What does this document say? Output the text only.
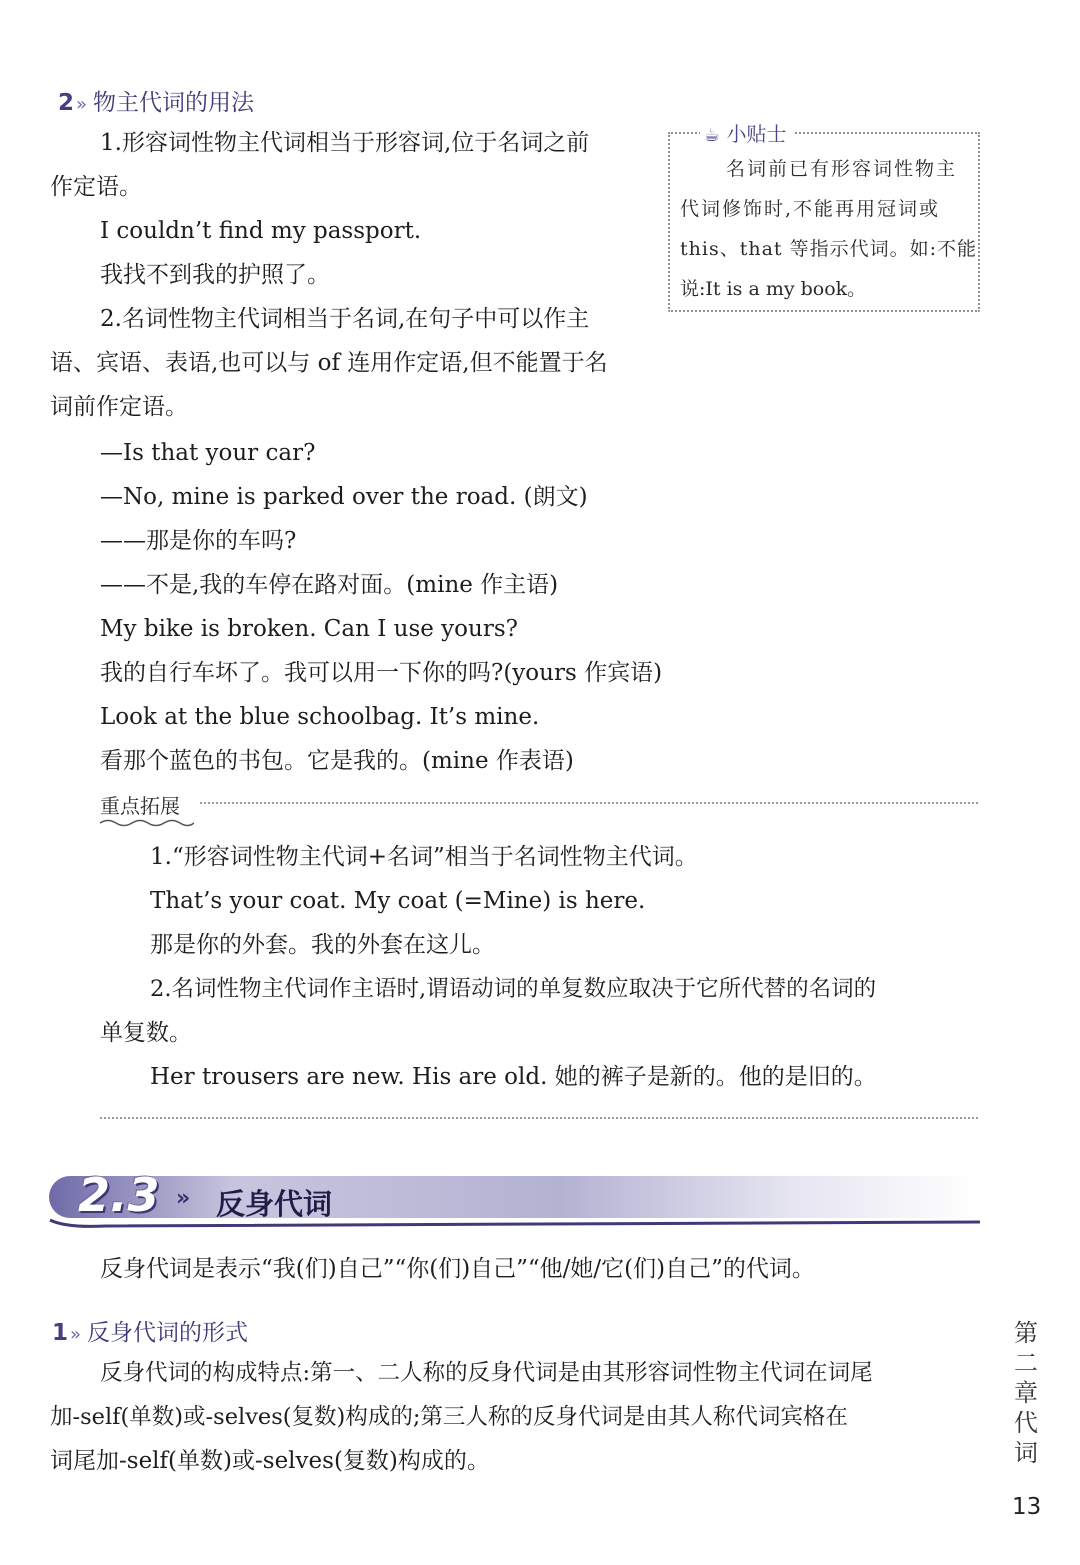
2 » 物主代词的用法
1.形容词性物主代词相当于形容词,位于名词之前
作定语。
I couldn’t find my passport.
我找不到我的护照了。
2.名词性物主代词相当于名词,在句子中可以作主
语、宾语、表语,也可以与 of 连用作定语,但不能置于名
词前作定语。
—Is that your car?
—No, mine is parked over the road. (朗文)
——那是你的车吗?
——不是,我的车停在路对面。(mine 作主语)
My bike is broken. Can I use yours?
我的自行车坏了。我可以用一下你的吗?(yours 作宾语)
Look at the blue schoolbag. It’s mine.
看那个蓝色的书包。它是我的。(mine 作表语)
☕ 小贴士
名词前已有形容词性物主
代词修饰时,不能再用冠词或
this、that 等指示代词。如:不能
说:It is a my book。
重点拓展
1.“形容词性物主代词+名词”相当于名词性物主代词。
That’s your coat. My coat (=Mine) is here.
那是你的外套。我的外套在这儿。
2.名词性物主代词作主语时,谓语动词的单复数应取决于它所代替的名词的
单复数。
Her trousers are new. His are old. 她的裤子是新的。他的是旧的。
2.3 » 反身代词
反身代词是表示“我(们)自己”“你(们)自己”“他/她/它(们)自己”的代词。
1 » 反身代词的形式
反身代词的构成特点:第一、二人称的反身代词是由其形容词性物主代词在词尾
加-self(单数)或-selves(复数)构成的;第三人称的反身代词是由其人称代词宾格在
词尾加-self(单数)或-selves(复数)构成的。
第二章 代词
13
